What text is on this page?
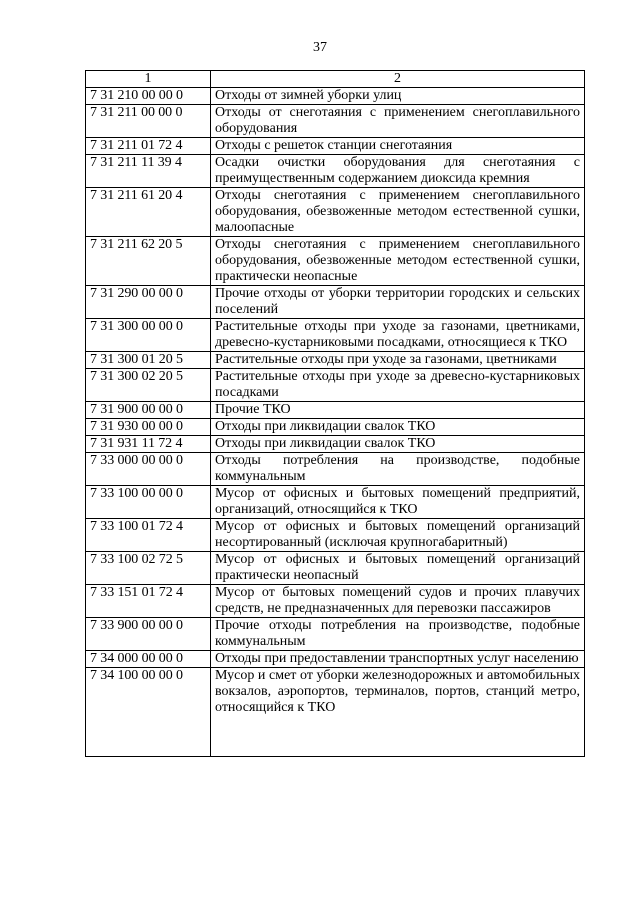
37
1	2
7 31 210 00 00 0	Отходы от зимней уборки улиц
7 31 211 00 00 0	Отходы от снеготаяния с применением снегоплавильного оборудования
7 31 211 01 72 4	Отходы с решеток станции снеготаяния
7 31 211 11 39 4	Осадки очистки оборудования для снеготаяния с преимущественным содержанием диоксида кремния
7 31 211 61 20 4	Отходы снеготаяния с применением снегоплавильного оборудования, обезвоженные методом естественной сушки, малоопасные
7 31 211 62 20 5	Отходы снеготаяния с применением снегоплавильного оборудования, обезвоженные методом естественной сушки, практически неопасные
7 31 290 00 00 0	Прочие отходы от уборки территории городских и сельских поселений
7 31 300 00 00 0	Растительные отходы при уходе за газонами, цветниками, древесно-кустарниковыми посадками, относящиеся к ТКО
7 31 300 01 20 5	Растительные отходы при уходе за газонами, цветниками
7 31 300 02 20 5	Растительные отходы при уходе за древесно-кустарниковых посадками
7 31 900 00 00 0	Прочие ТКО
7 31 930 00 00 0	Отходы при ликвидации свалок ТКО
7 31 931 11 72 4	Отходы при ликвидации свалок ТКО
7 33 000 00 00 0	Отходы потребления на производстве, подобные коммунальным
7 33 100 00 00 0	Мусор от офисных и бытовых помещений предприятий, организаций, относящийся к ТКО
7 33 100 01 72 4	Мусор от офисных и бытовых помещений организаций несортированный (исключая крупногабаритный)
7 33 100 02 72 5	Мусор от офисных и бытовых помещений организаций практически неопасный
7 33 151 01 72 4	Мусор от бытовых помещений судов и прочих плавучих средств, не предназначенных для перевозки пассажиров
7 33 900 00 00 0	Прочие отходы потребления на производстве, подобные коммунальным
7 34 000 00 00 0	Отходы при предоставлении транспортных услуг населению
7 34 100 00 00 0	Мусор и смет от уборки железнодорожных и автомобильных вокзалов, аэропортов, терминалов, портов, станций метро, относящийся к ТКО
